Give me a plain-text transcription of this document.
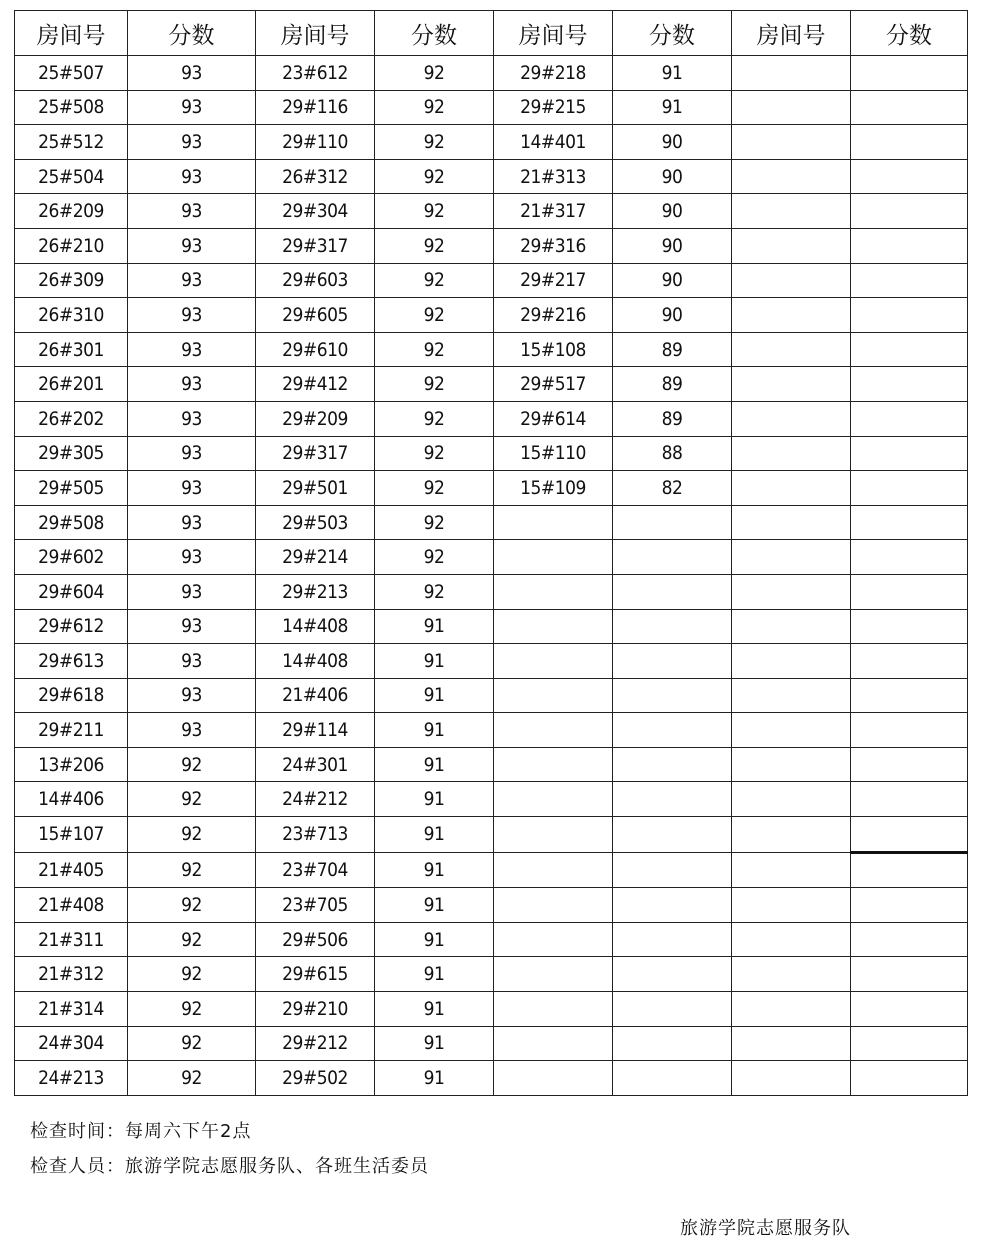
房间号	分数	房间号	分数	房间号	分数	房间号	分数
25#507	93	23#612	92	29#218	91		
25#508	93	29#116	92	29#215	91		
25#512	93	29#110	92	14#401	90		
25#504	93	26#312	92	21#313	90		
26#209	93	29#304	92	21#317	90		
26#210	93	29#317	92	29#316	90		
26#309	93	29#603	92	29#217	90		
26#310	93	29#605	92	29#216	90		
26#301	93	29#610	92	15#108	89		
26#201	93	29#412	92	29#517	89		
26#202	93	29#209	92	29#614	89		
29#305	93	29#317	92	15#110	88		
29#505	93	29#501	92	15#109	82		
29#508	93	29#503	92				
29#602	93	29#214	92				
29#604	93	29#213	92				
29#612	93	14#408	91				
29#613	93	14#408	91				
29#618	93	21#406	91				
29#211	93	29#114	91				
13#206	92	24#301	91				
14#406	92	24#212	91				
15#107	92	23#713	91				
21#405	92	23#704	91				
21#408	92	23#705	91				
21#311	92	29#506	91				
21#312	92	29#615	91				
21#314	92	29#210	91				
24#304	92	29#212	91				
24#213	92	29#502	91				
检查时间：每周六下午2点
检查人员：旅游学院志愿服务队、各班生活委员
旅游学院志愿服务队
